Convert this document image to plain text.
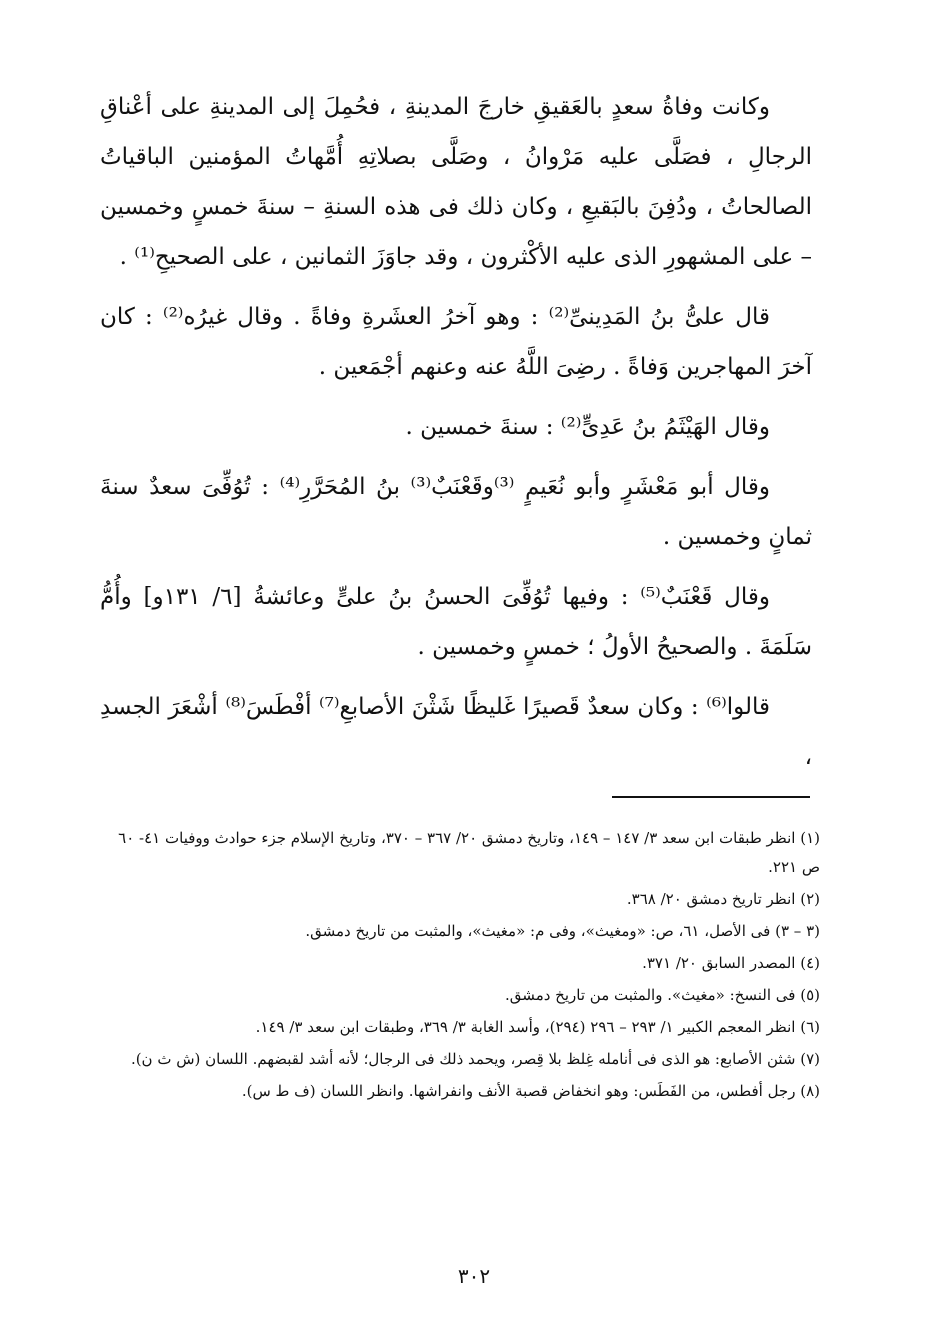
وكانت وفاةُ سعدٍ بالعَقيقِ خارجَ المدينةِ ، فحُمِلَ إلى المدينةِ على أعْناقِ الرجالِ ، فصَلَّى عليه مَرْوانُ ، وصَلَّى بصلاتِهِ أُمَّهاتُ المؤمنين الباقياتُ الصالحاتُ ، ودُفِنَ بالبَقيعِ ، وكان ذلك فى هذه السنةِ – سنةَ خمسٍ وخمسين – على المشهورِ الذى عليه الأكْثرون ، وقد جاوَزَ الثمانين ، على الصحيحِ⁽¹⁾ .

قال علىُّ بنُ المَدِينىِّ⁽²⁾ : وهو آخرُ العشَرةِ وفاةً . وقال غيرُه⁽²⁾ : كان آخرَ المهاجرين وَفاةً . رضِىَ اللَّهُ عنه وعنهم أجْمَعين .

وقال الهَيْثَمُ بنُ عَدِىٍّ⁽²⁾ : سنةَ خمسين .

وقال أبو مَعْشَرٍ وأبو نُعَيمٍ ⁽³⁾وقَعْنَبٌ⁽³⁾ بنُ المُحَرَّرِ⁽⁴⁾ : تُوُفِّىَ سعدٌ سنةَ ثمانٍ وخمسين .

وقال قَعْنَبٌ⁽⁵⁾ : وفيها تُوُفِّىَ الحسنُ بنُ علىٍّ وعائشةُ [٦/ ١٣١و] وأُمُّ سَلَمَةَ . والصحيحُ الأولُ ؛ خمسٍ وخمسين .

قالوا⁽⁶⁾ : وكان سعدٌ قَصيرًا غَليظًا شَثْنَ الأصابعِ⁽⁷⁾ أفْطَسَ⁽⁸⁾ أشْعَرَ الجسدِ ،

(١) انظر طبقات ابن سعد ٣/ ١٤٧ – ١٤٩، وتاريخ دمشق ٢٠/ ٣٦٧ – ٣٧٠، وتاريخ الإسلام جزء حوادث ووفيات ٤١- ٦٠ ص ٢٢١.
(٢) انظر تاريخ دمشق ٢٠/ ٣٦٨.
(٣ – ٣) فى الأصل، ٦١، ص: «ومغيث»، وفى م: «مغيث»، والمثبت من تاريخ دمشق.
(٤) المصدر السابق ٢٠/ ٣٧١.
(٥) فى النسخ: «مغيث». والمثبت من تاريخ دمشق.
(٦) انظر المعجم الكبير ١/ ٢٩٣ – ٢٩٦ (٢٩٤)، وأسد الغابة ٣/ ٣٦٩، وطبقات ابن سعد ٣/ ١٤٩.
(٧) شثن الأصابع: هو الذى فى أنامله غِلظ بلا قِصر، ويحمد ذلك فى الرجال؛ لأنه أشد لقبضهم. اللسان (ش ث ن).
(٨) رجل أفطس، من الفَطَس: وهو انخفاض قصبة الأنف وانفراشها. وانظر اللسان (ف ط س).
٣٠٢
